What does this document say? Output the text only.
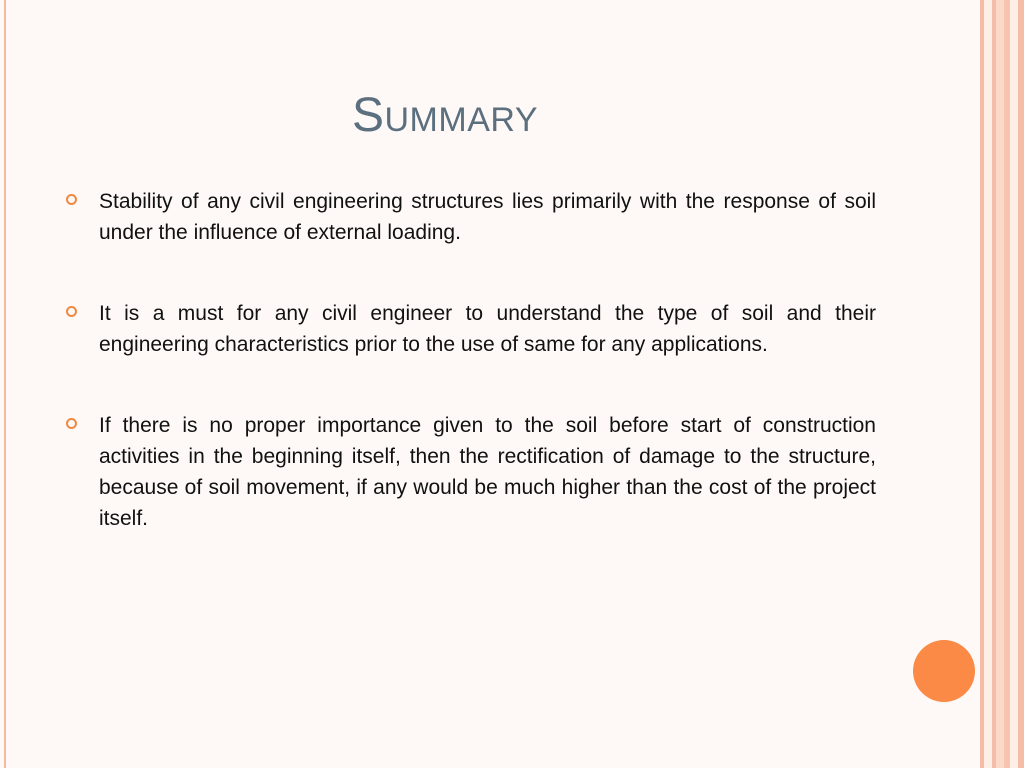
Summary
Stability of any civil engineering structures lies primarily with the response of soil under the influence of external loading.
It is a must for any civil engineer to understand the type of soil and their engineering characteristics prior to the use of same for any applications.
If there is no proper importance given to the soil before start of construction activities in the beginning itself, then the rectification of damage to the structure, because of soil movement, if any would be much higher than the cost of the project itself.
